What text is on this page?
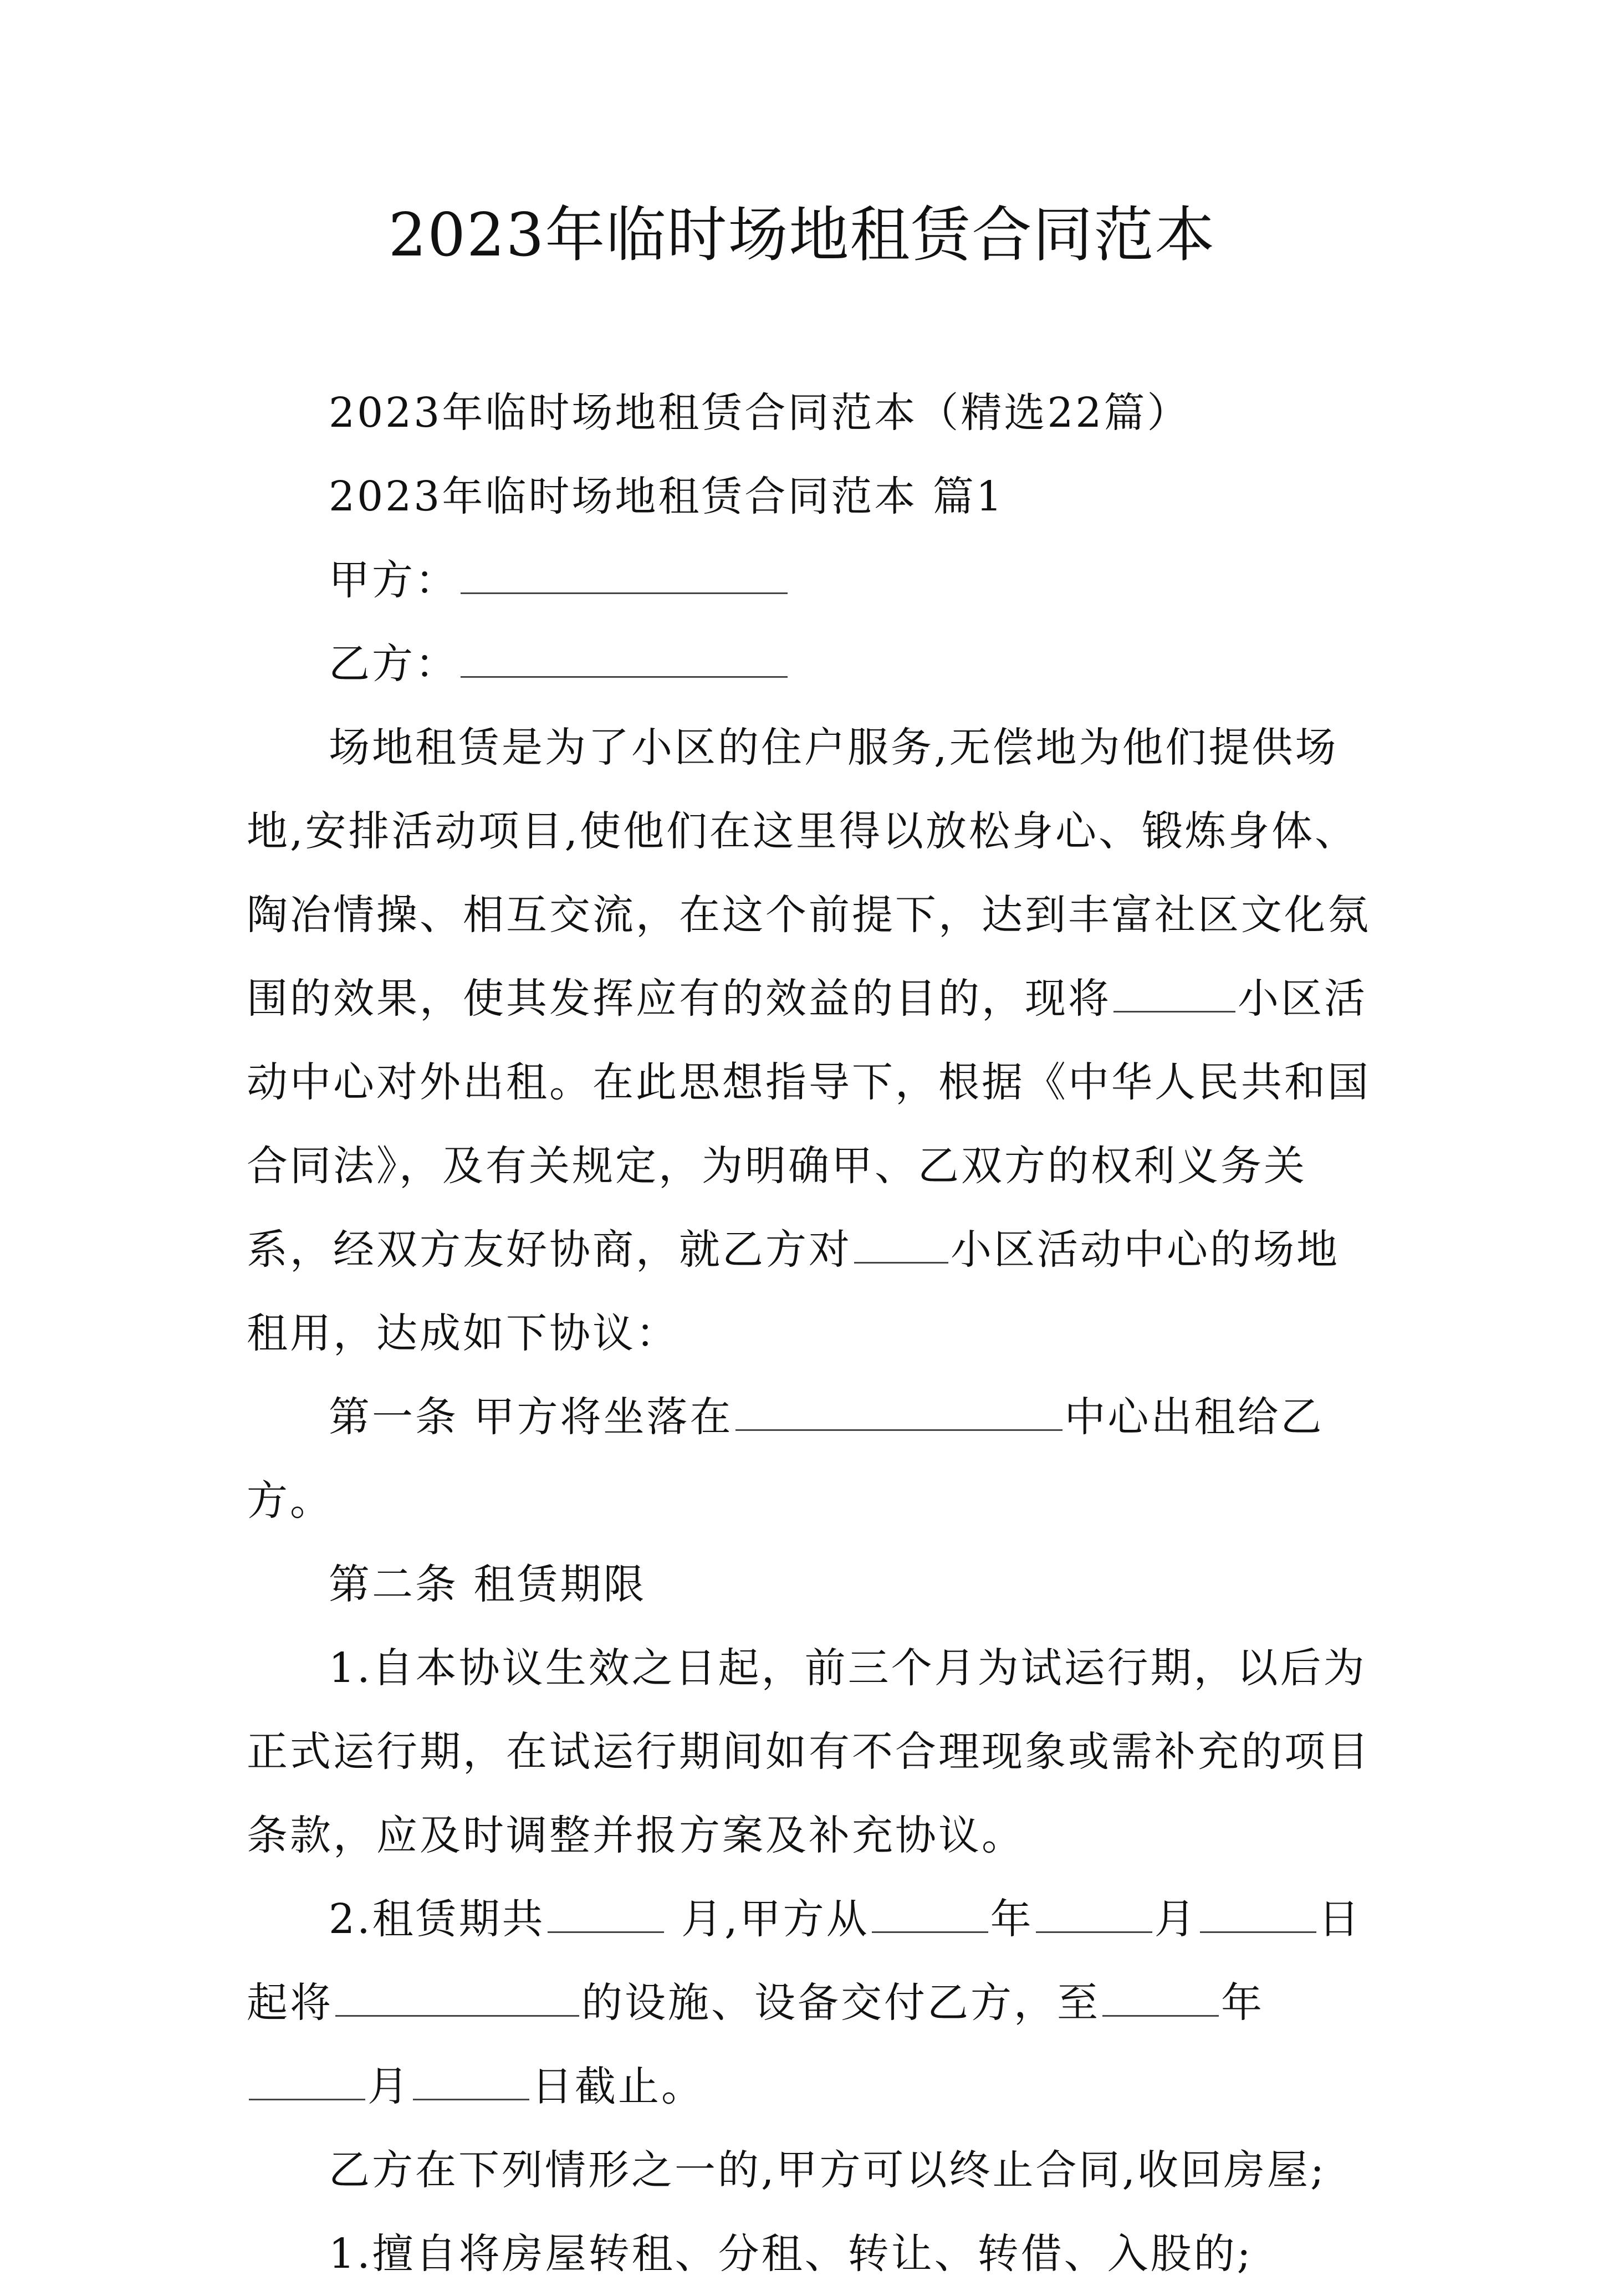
2023年临时场地租赁合同范本

2023年临时场地租赁合同范本（精选22篇）

2023年临时场地租赁合同范本 篇1

甲方：

乙方：

场地租赁是为了小区的住户服务,无偿地为他们提供场地,安排活动项目,使他们在这里得以放松身心、锻炼身体、陶冶情操、相互交流，在这个前提下，达到丰富社区文化氛围的效果，使其发挥应有的效益的目的，现将	小区活动中心对外出租。在此思想指导下，根据《中华人民共和国合同法》，及有关规定，为明确甲、乙双方的权利义务关系，经双方友好协商，就乙方对 小区活动中心的场地租用，达成如下协议：

第一条 甲方将坐落在	中心出租给乙方。

第二条 租赁期限

1.自本协议生效之日起，前三个月为试运行期，以后为正式运行期，在试运行期间如有不合理现象或需补充的项目条款，应及时调整并报方案及补充协议。

2.租赁期共	月,甲方从	年	月	日起将	的设施、设备交付乙方，至	年月	日截止。

乙方在下列情形之一的,甲方可以终止合同,收回房屋;

1.擅自将房屋转租、分租、转让、转借、入股的;
